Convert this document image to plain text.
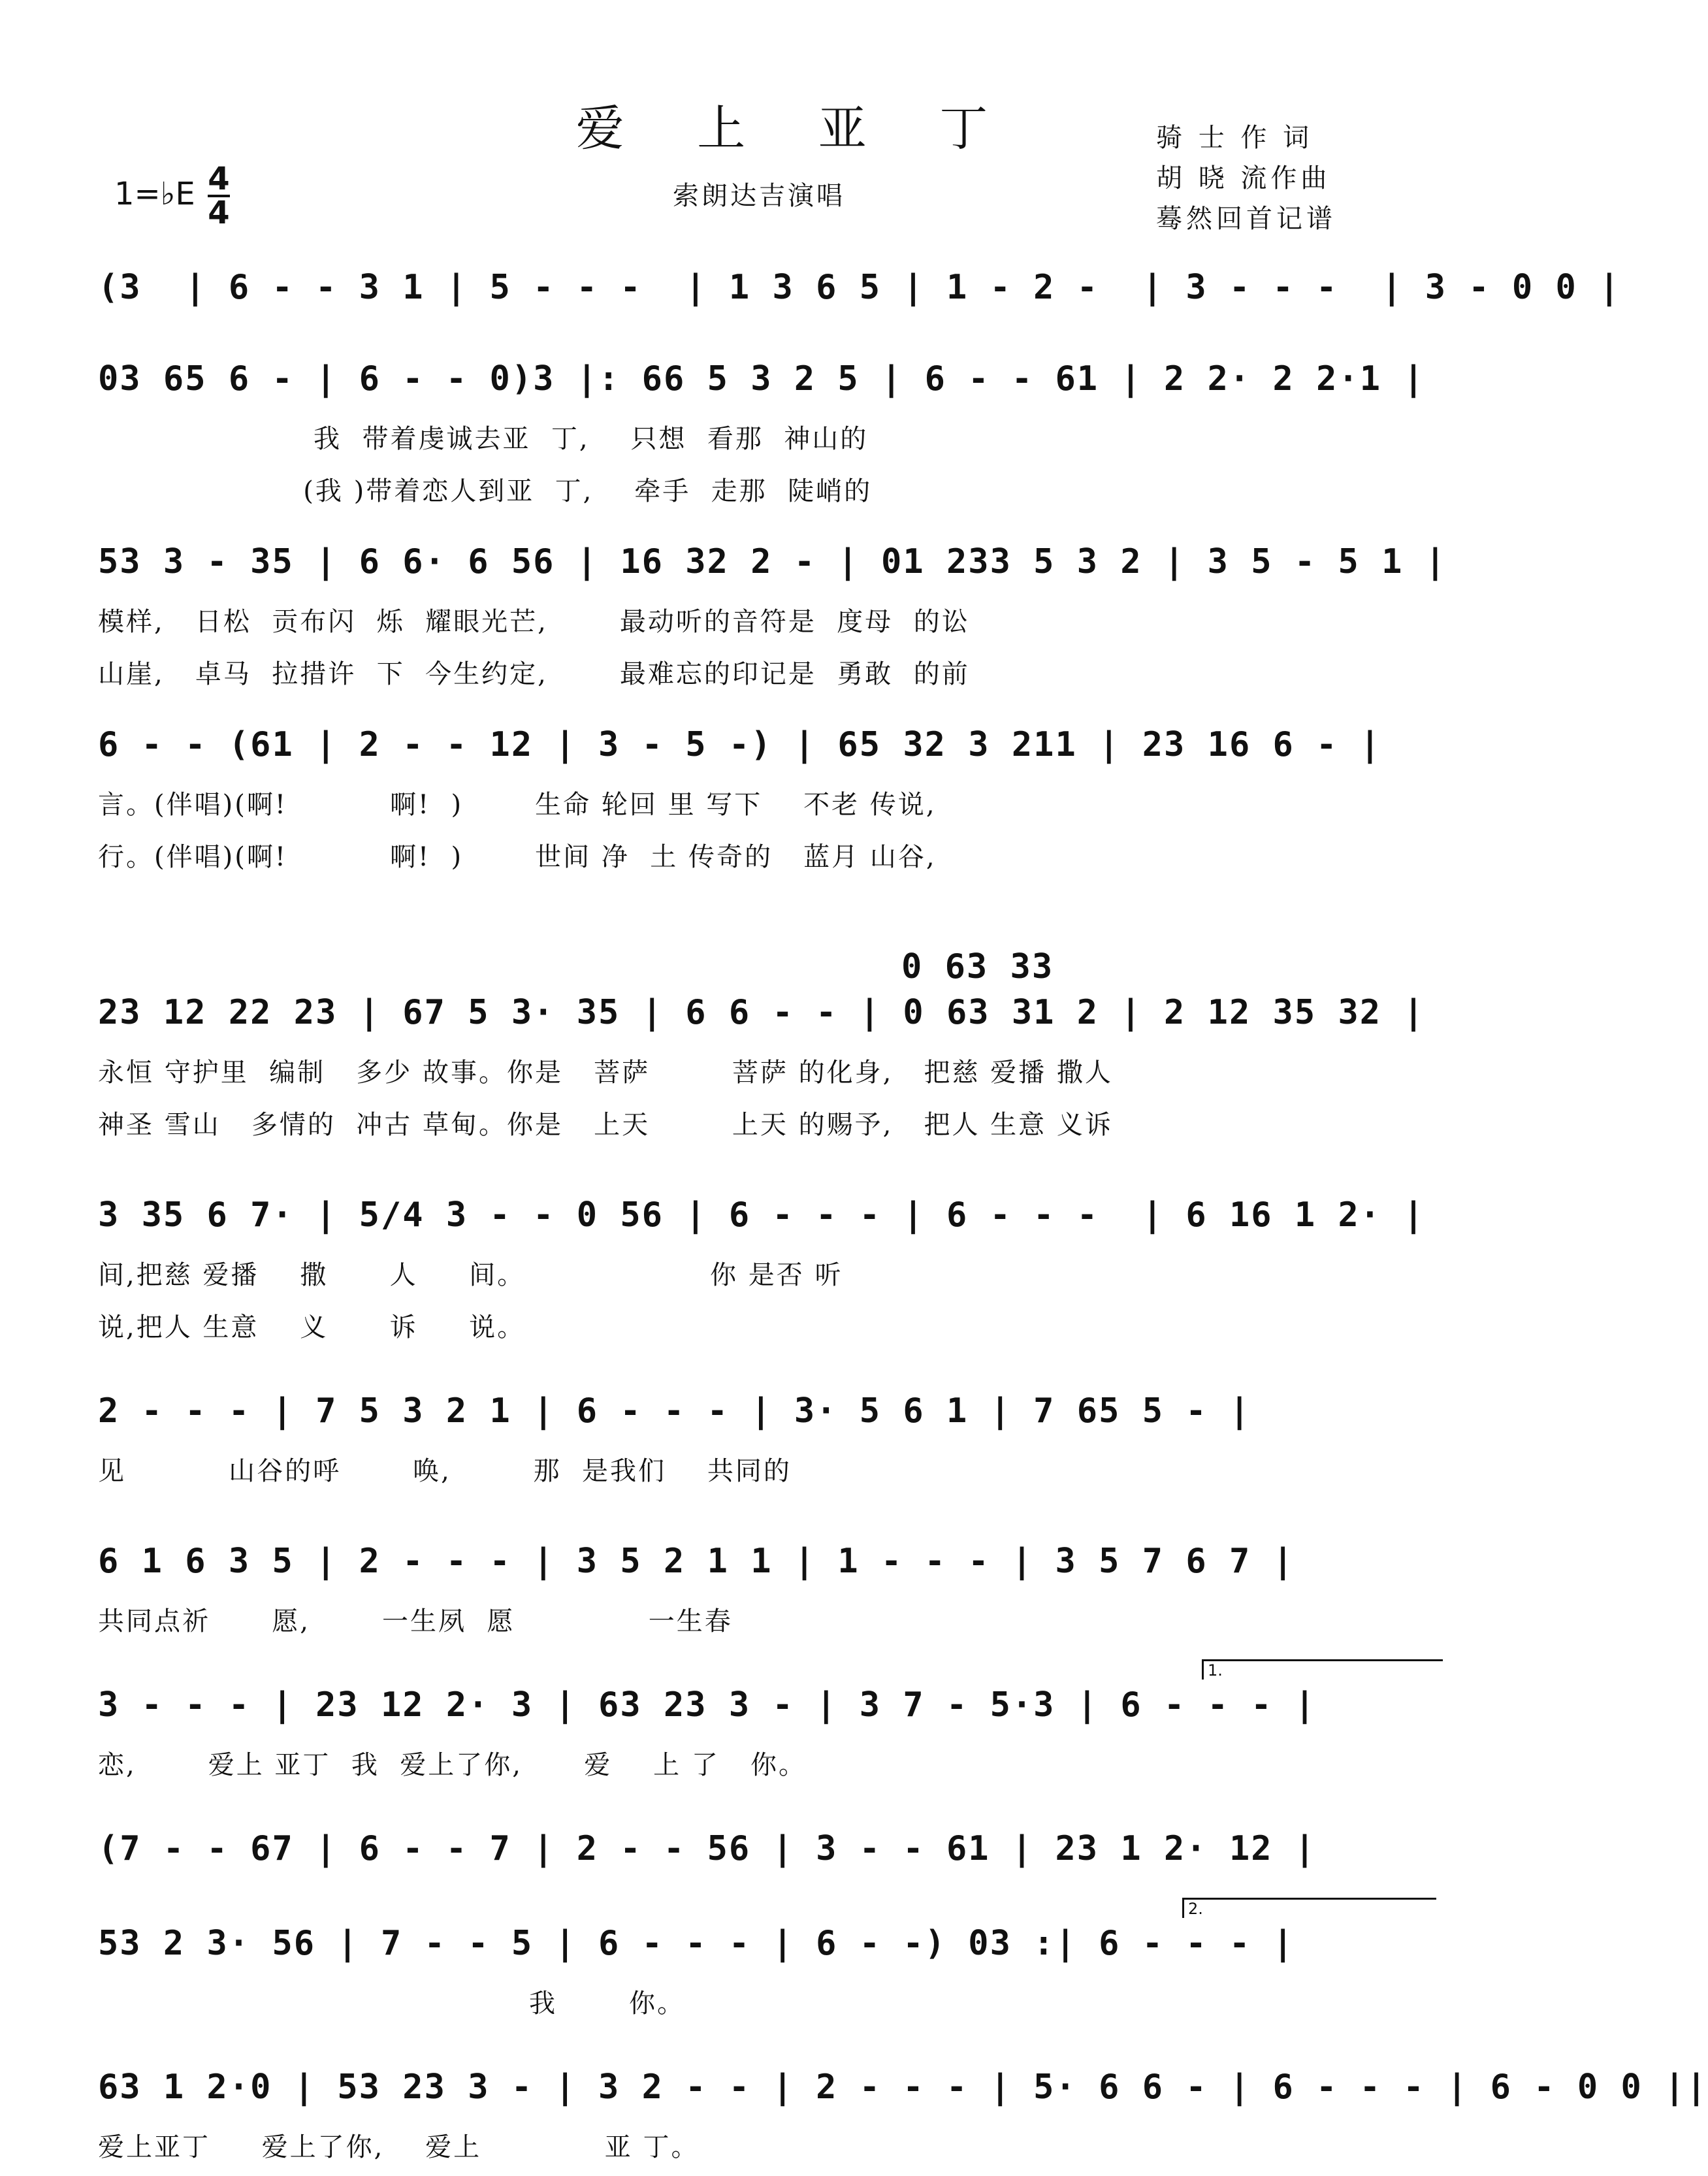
爱 上 亚 丁	骑 士 作 词
胡 晓 流作曲
蓦然回首记谱
1=♭E $\frac{4}{4}$	索朗达吉演唱
(3  | 6 - - 3 1 | 5 - - -  | 1 3 6 5 | 1 - 2 -  | 3 - - -  | 3 - 0 0 |
03 65 6 - | 6 - - 0)3 |: 66 5 3 2 5 | 6 - - 61 | 2 2· 2 2·1 |
我  带着虔诚去亚  丁,    只想  看那  神山的
(我 )带着恋人到亚  丁,    牵手  走那  陡峭的
53 3 - 35 | 6 6· 6 56 | 16 32 2 - | 01 233 5 3 2 | 3 5 - 5 1 |
模样,   日松  贡布闪  烁  耀眼光芒,       最动听的音符是  度母  的讼
山崖,   卓马  拉措许  下  今生约定,       最难忘的印记是  勇敢  的前
6 - - (61 | 2 - - 12 | 3 - 5 -) | 65 32 3 211 | 23 16 6 - |
言。(伴唱)(啊!          啊!  )       生命 轮回 里 写下    不老 传说,
行。(伴唱)(啊!          啊!  )       世间 净  土 传奇的   蓝月 山谷,
0 63 33
23 12 22 23 | 67 5 3· 35 | 6 6 - - | 0 63 31 2 | 2 12 35 32 |
永恒 守护里  编制   多少 故事。你是   菩萨        菩萨 的化身,   把慈 爱播 撒人
神圣 雪山   多情的  冲古 草甸。你是   上天        上天 的赐予,   把人 生意 义诉
3 35 6 7· | 5/4 3 - - 0 56 | 6 - - - | 6 - - -  | 6 16 1 2· |
间,把慈 爱播    撒      人     间。                  你 是否 听
说,把人 生意    义      诉     说。
2 - - - | 7 5 3 2 1 | 6 - - - | 3· 5 6 1 | 7 65 5 - |
见          山谷的呼       唤,        那  是我们    共同的
6 1 6 3 5 | 2 - - - | 3 5 2 1 1 | 1 - - - | 3 5 7 6 7 |
共同点祈      愿,       一生夙  愿             一生春
3 - - - | 23 12 2· 3 | 63 23 3 - | 3 7 - 5·3 | 6 - - - |
1.
恋,       爱上 亚丁  我  爱上了你,      爱    上 了   你。
(7 - - 67 | 6 - - 7 | 2 - - 56 | 3 - - 61 | 23 1 2· 12 |
53 2 3· 56 | 7 - - 5 | 6 - - - | 6 - -) 03 :| 6 - - - |
2.
我       你。
63 1 2·0 | 53 23 3 - | 3 2 - - | 2 - - - | 5· 6 6 - | 6 - - - | 6 - 0 0 ||
爱上亚丁     爱上了你,    爱上            亚 丁。
